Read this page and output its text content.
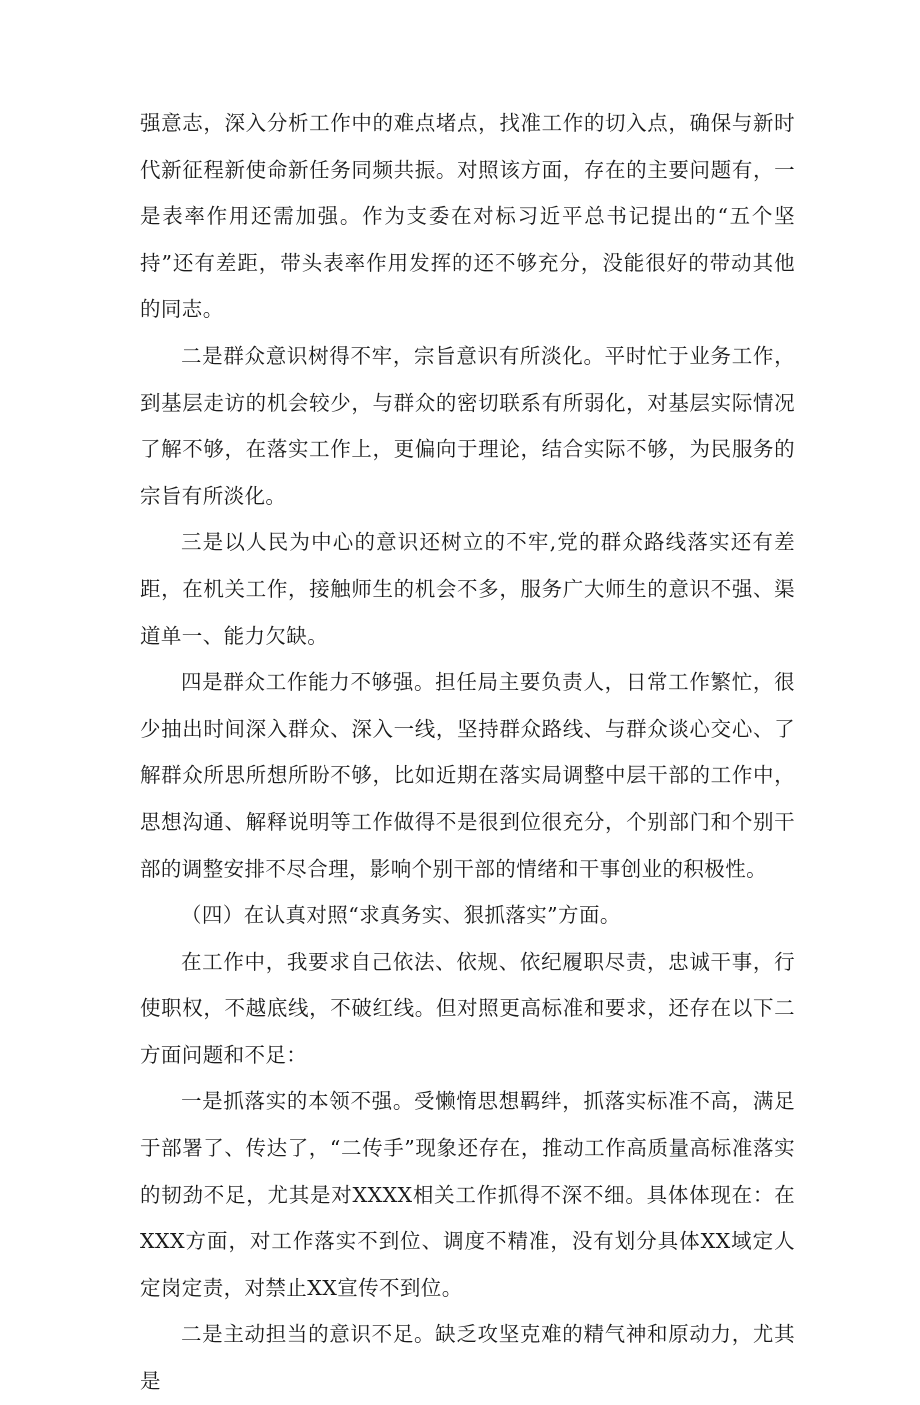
强意志，深入分析工作中的难点堵点，找准工作的切入点，确保与新时代新征程新使命新任务同频共振。对照该方面，存在的主要问题有，一是表率作用还需加强。作为支委在对标习近平总书记提出的“五个坚持”还有差距，带头表率作用发挥的还不够充分，没能很好的带动其他的同志。

二是群众意识树得不牢，宗旨意识有所淡化。平时忙于业务工作，到基层走访的机会较少，与群众的密切联系有所弱化，对基层实际情况了解不够，在落实工作上，更偏向于理论，结合实际不够，为民服务的宗旨有所淡化。

三是以人民为中心的意识还树立的不牢,党的群众路线落实还有差距，在机关工作，接触师生的机会不多，服务广大师生的意识不强、渠道单一、能力欠缺。

四是群众工作能力不够强。担任局主要负责人，日常工作繁忙，很少抽出时间深入群众、深入一线，坚持群众路线、与群众谈心交心、了解群众所思所想所盼不够，比如近期在落实局调整中层干部的工作中，思想沟通、解释说明等工作做得不是很到位很充分，个别部门和个别干部的调整安排不尽合理，影响个别干部的情绪和干事创业的积极性。

（四）在认真对照“求真务实、狠抓落实”方面。

在工作中，我要求自己依法、依规、依纪履职尽责，忠诚干事，行使职权，不越底线，不破红线。但对照更高标准和要求，还存在以下二方面问题和不足：

一是抓落实的本领不强。受懒惰思想羁绊，抓落实标准不高，满足于部署了、传达了，“二传手”现象还存在，推动工作高质量高标准落实的韧劲不足，尤其是对XXXX相关工作抓得不深不细。具体体现在：在XXX方面，对工作落实不到位、调度不精准，没有划分具体XX域定人定岗定责，对禁止XX宣传不到位。

二是主动担当的意识不足。缺乏攻坚克难的精气神和原动力，尤其是
